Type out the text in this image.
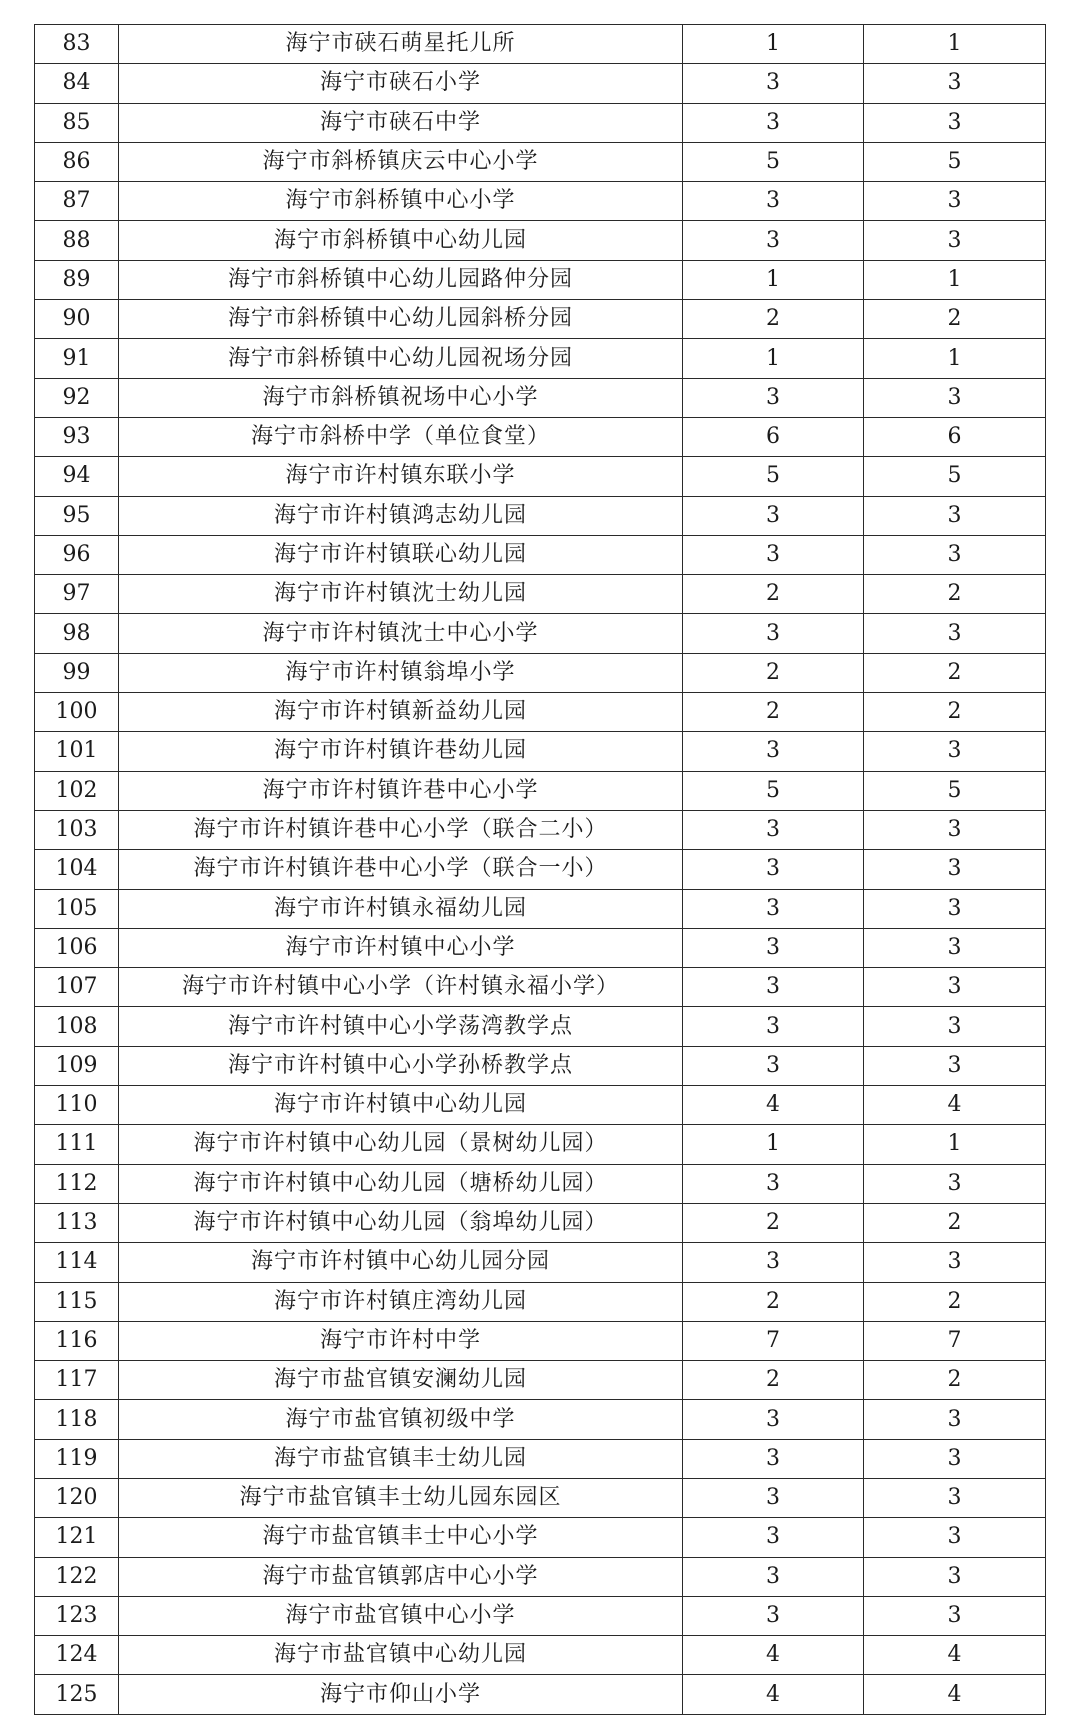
83	海宁市硖石萌星托儿所	1	1
84	海宁市硖石小学	3	3
85	海宁市硖石中学	3	3
86	海宁市斜桥镇庆云中心小学	5	5
87	海宁市斜桥镇中心小学	3	3
88	海宁市斜桥镇中心幼儿园	3	3
89	海宁市斜桥镇中心幼儿园路仲分园	1	1
90	海宁市斜桥镇中心幼儿园斜桥分园	2	2
91	海宁市斜桥镇中心幼儿园祝场分园	1	1
92	海宁市斜桥镇祝场中心小学	3	3
93	海宁市斜桥中学（单位食堂）	6	6
94	海宁市许村镇东联小学	5	5
95	海宁市许村镇鸿志幼儿园	3	3
96	海宁市许村镇联心幼儿园	3	3
97	海宁市许村镇沈士幼儿园	2	2
98	海宁市许村镇沈士中心小学	3	3
99	海宁市许村镇翁埠小学	2	2
100	海宁市许村镇新益幼儿园	2	2
101	海宁市许村镇许巷幼儿园	3	3
102	海宁市许村镇许巷中心小学	5	5
103	海宁市许村镇许巷中心小学（联合二小）	3	3
104	海宁市许村镇许巷中心小学（联合一小）	3	3
105	海宁市许村镇永福幼儿园	3	3
106	海宁市许村镇中心小学	3	3
107	海宁市许村镇中心小学（许村镇永福小学）	3	3
108	海宁市许村镇中心小学荡湾教学点	3	3
109	海宁市许村镇中心小学孙桥教学点	3	3
110	海宁市许村镇中心幼儿园	4	4
111	海宁市许村镇中心幼儿园（景树幼儿园）	1	1
112	海宁市许村镇中心幼儿园（塘桥幼儿园）	3	3
113	海宁市许村镇中心幼儿园（翁埠幼儿园）	2	2
114	海宁市许村镇中心幼儿园分园	3	3
115	海宁市许村镇庄湾幼儿园	2	2
116	海宁市许村中学	7	7
117	海宁市盐官镇安澜幼儿园	2	2
118	海宁市盐官镇初级中学	3	3
119	海宁市盐官镇丰士幼儿园	3	3
120	海宁市盐官镇丰士幼儿园东园区	3	3
121	海宁市盐官镇丰士中心小学	3	3
122	海宁市盐官镇郭店中心小学	3	3
123	海宁市盐官镇中心小学	3	3
124	海宁市盐官镇中心幼儿园	4	4
125	海宁市仰山小学	4	4
